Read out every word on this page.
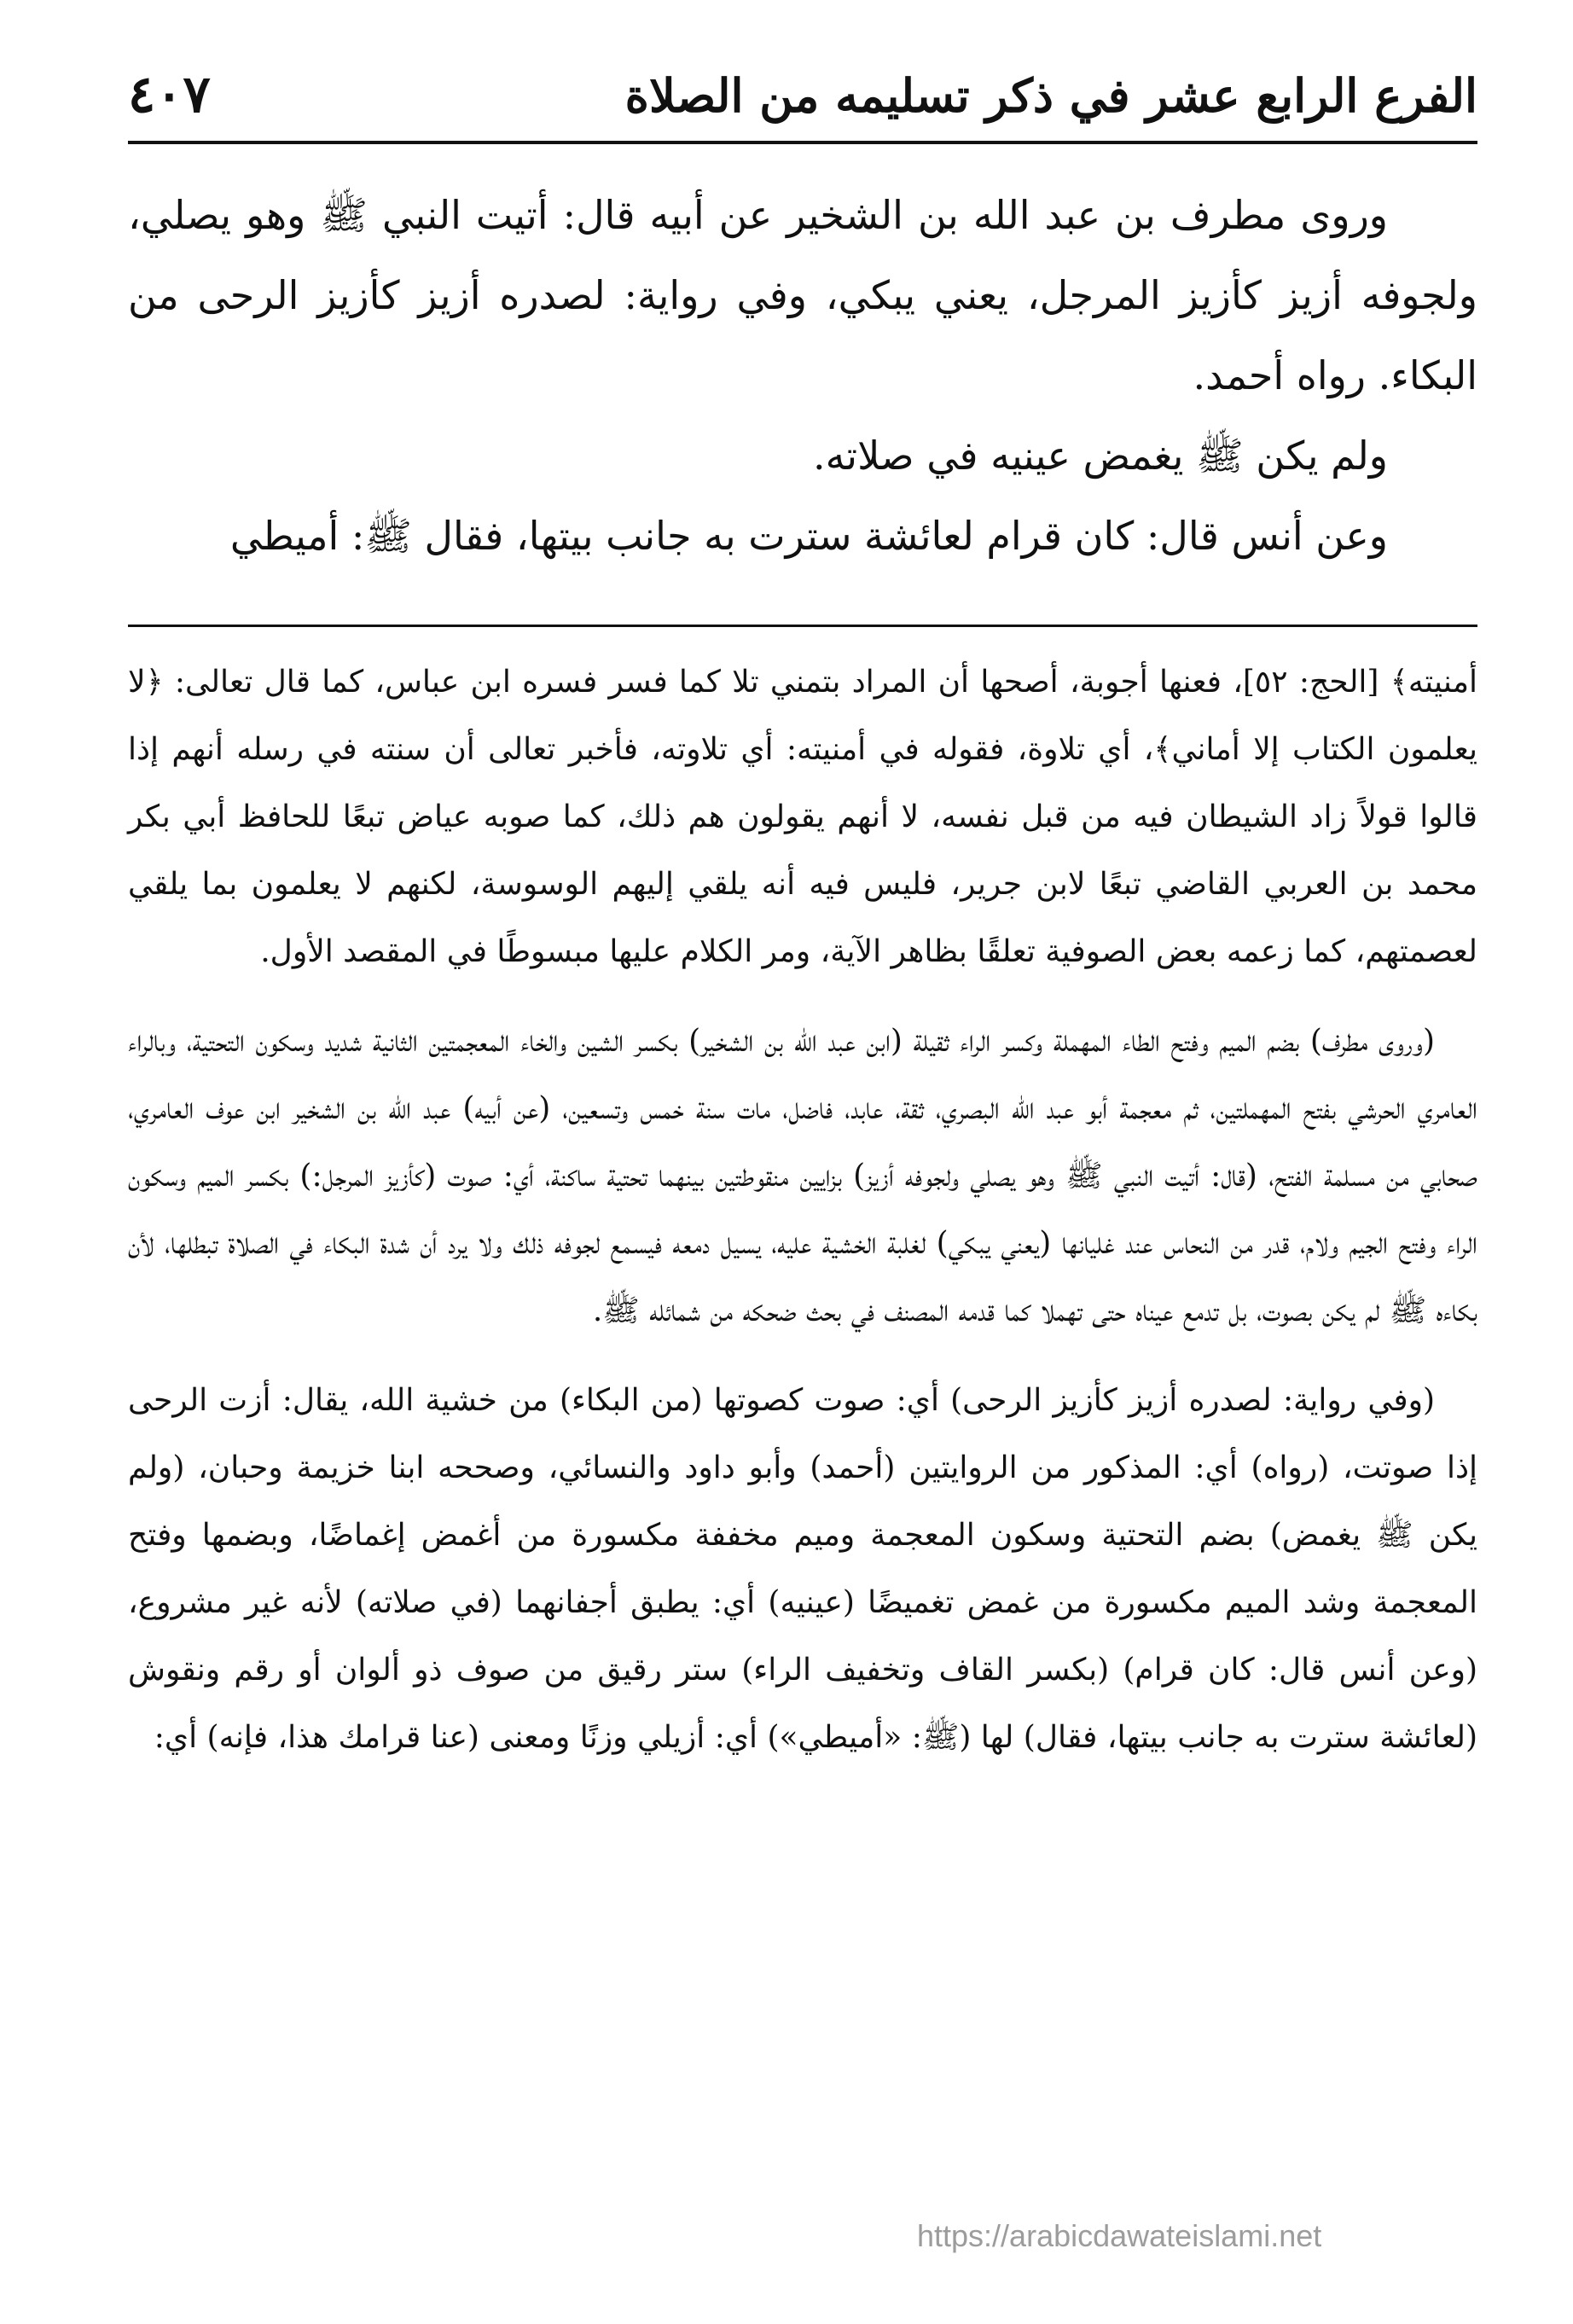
الفرع الرابع عشر في ذكر تسليمه من الصلاة
٤٠٧

وروى مطرف بن عبد الله بن الشخير عن أبيه قال: أتيت النبي ﷺ وهو يصلي، ولجوفه أزيز كأزيز المرجل، يعني يبكي، وفي رواية: لصدره أزيز كأزيز الرحى من البكاء. رواه أحمد.

ولم يكن ﷺ يغمض عينيه في صلاته.

وعن أنس قال: كان قرام لعائشة سترت به جانب بيتها، فقال ﷺ: أميطي

أمنيته﴾ [الحج: ٥٢]، فعنها أجوبة، أصحها أن المراد بتمني تلا كما فسر فسره ابن عباس، كما قال تعالى: ﴿لا يعلمون الكتاب إلا أماني﴾، أي تلاوة، فقوله في أمنيته: أي تلاوته، فأخبر تعالى أن سنته في رسله أنهم إذا قالوا قولاً زاد الشيطان فيه من قبل نفسه، لا أنهم يقولون هم ذلك، كما صوبه عياض تبعًا للحافظ أبي بكر محمد بن العربي القاضي تبعًا لابن جرير، فليس فيه أنه يلقي إليهم الوسوسة، لكنهم لا يعلمون بما يلقي لعصمتهم، كما زعمه بعض الصوفية تعلقًا بظاهر الآية، ومر الكلام عليها مبسوطًا في المقصد الأول.

(وروى مطرف) بضم الميم وفتح الطاء المهملة وكسر الراء ثقيلة (ابن عبد الله بن الشخير) بكسر الشين والخاء المعجمتين الثانية شديد وسكون التحتية، وبالراء العامري الحرشي بفتح المهملتين، ثم معجمة أبو عبد الله البصري، ثقة، عابد، فاضل، مات سنة خمس وتسعين، (عن أبيه) عبد الله بن الشخير ابن عوف العامري، صحابي من مسلمة الفتح، (قال: أتيت النبي ﷺ وهو يصلي ولجوفه أزيز) بزايين منقوطتين بينهما تحتية ساكنة، أي: صوت (كأزيز المرجل:) بكسر الميم وسكون الراء وفتح الجيم ولام، قدر من النحاس عند غليانها (يعني يبكي) لغلبة الخشية عليه، يسيل دمعه فيسمع لجوفه ذلك ولا يرد أن شدة البكاء في الصلاة تبطلها، لأن بكاءه ﷺ لم يكن بصوت، بل تدمع عيناه حتى تهملا كما قدمه المصنف في بحث ضحكه من شمائله ﷺ.

(وفي رواية: لصدره أزيز كأزيز الرحى) أي: صوت كصوتها (من البكاء) من خشية الله، يقال: أزت الرحى إذا صوتت، (رواه) أي: المذكور من الروايتين (أحمد) وأبو داود والنسائي، وصححه ابنا خزيمة وحبان، (ولم يكن ﷺ يغمض) بضم التحتية وسكون المعجمة وميم مخففة مكسورة من أغمض إغماضًا، وبضمها وفتح المعجمة وشد الميم مكسورة من غمض تغميضًا (عينيه) أي: يطبق أجفانهما (في صلاته) لأنه غير مشروع، (وعن أنس قال: كان قرام) (بكسر القاف وتخفيف الراء) ستر رقيق من صوف ذو ألوان أو رقم ونقوش (لعائشة سترت به جانب بيتها، فقال) لها (ﷺ: «أميطي») أي: أزيلي وزنًا ومعنى (عنا قرامك هذا، فإنه) أي:

https://arabicdawateislami.net
